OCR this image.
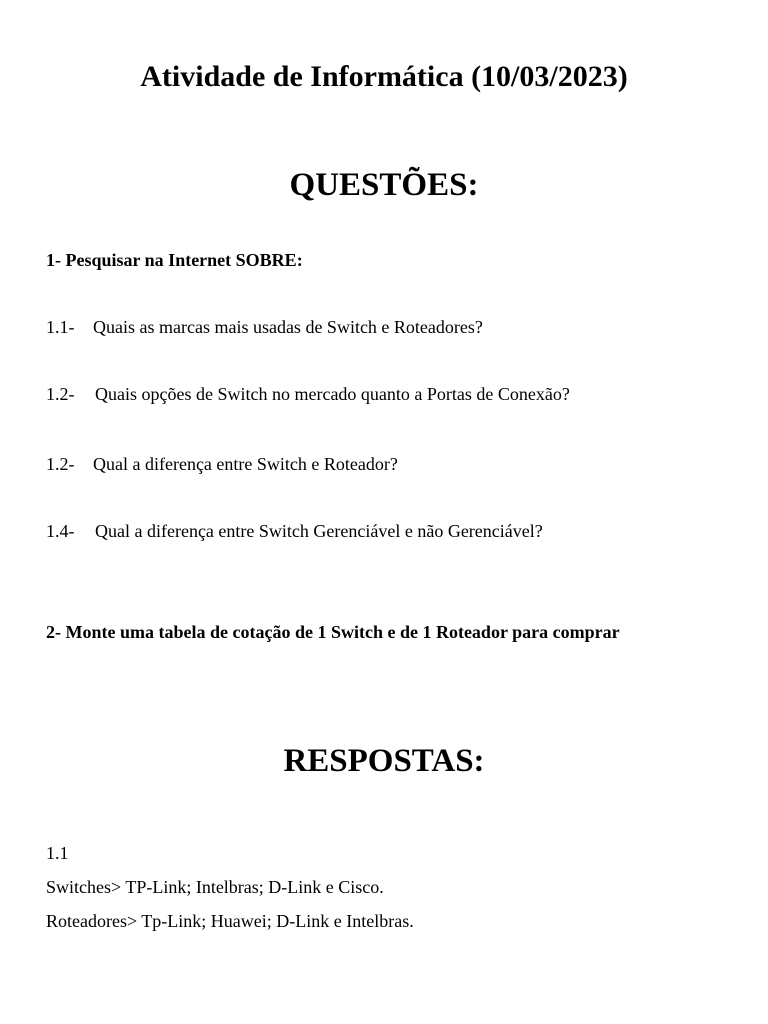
Atividade de Informática (10/03/2023)
QUESTÕES:
1- Pesquisar na Internet SOBRE:
1.1- Quais as marcas mais usadas de Switch e Roteadores?
1.2- Quais opções de Switch no mercado quanto a Portas de Conexão?
1.2- Qual a diferença entre Switch e Roteador?
1.4- Qual a diferença entre Switch Gerenciável e não Gerenciável?
2- Monte uma tabela de cotação de 1 Switch e de 1 Roteador para comprar
RESPOSTAS:
1.1
Switches> TP-Link; Intelbras; D-Link e Cisco.
Roteadores> Tp-Link; Huawei; D-Link e Intelbras.
